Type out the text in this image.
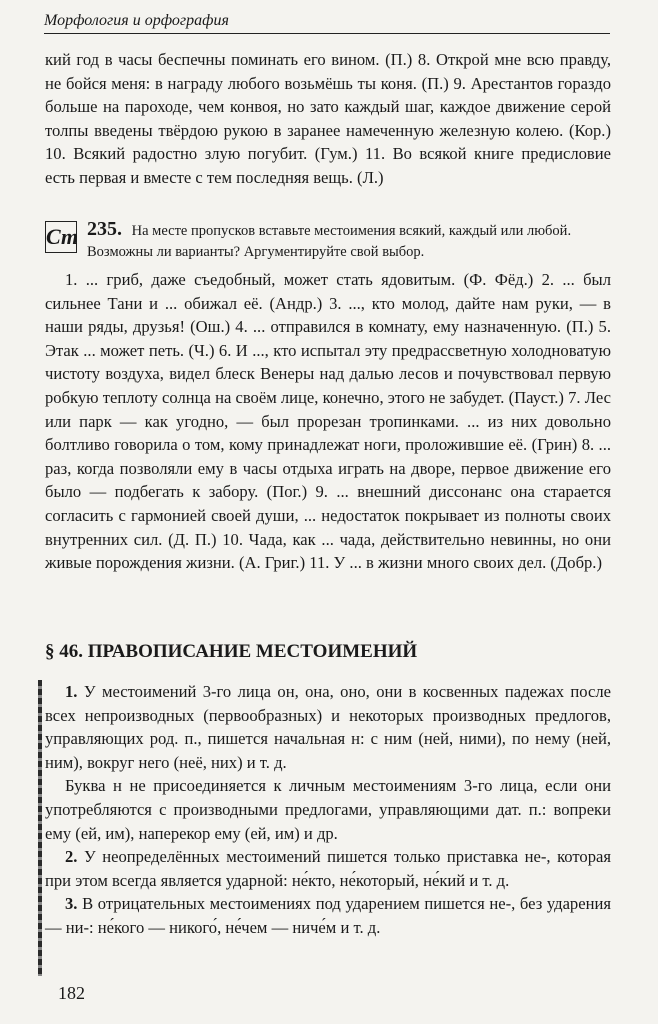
Морфология и орфография

кий год в часы беспечны поминать его вином. (П.) 8. Открой мне всю правду, не бойся меня: в награду любого возьмёшь ты коня. (П.) 9. Арестантов гораздо больше на пароходе, чем конвоя, но зато каждый шаг, каждое движение серой толпы введены твёрдою рукою в заранее намеченную железную колею. (Кор.) 10. Всякий радостно злую погубит. (Гум.) 11. Во всякой книге предисловие есть первая и вместе с тем последняя вещь. (Л.)

Ст 235. На месте пропусков вставьте местоимения всякий, каждый или любой. Возможны ли варианты? Аргументируйте свой выбор.

1. ... гриб, даже съедобный, может стать ядовитым. (Ф. Фёд.) 2. ... был сильнее Тани и ... обижал её. (Андр.) 3. ..., кто молод, дайте нам руки, — в наши ряды, друзья! (Ош.) 4. ... отправился в комнату, ему назначенную. (П.) 5. Этак ... может петь. (Ч.) 6. И ..., кто испытал эту предрассветную холодноватую чистоту воздуха, видел блеск Венеры над далью лесов и почувствовал первую робкую теплоту солнца на своём лице, конечно, этого не забудет. (Пауст.) 7. Лес или парк — как угодно, — был прорезан тропинками. ... из них довольно болтливо говорила о том, кому принадлежат ноги, проложившие её. (Грин) 8. ... раз, когда позволяли ему в часы отдыха играть на дворе, первое движение его было — подбегать к забору. (Пог.) 9. ... внешний диссонанс она старается согласить с гармонией своей души, ... недостаток покрывает из полноты своих внутренних сил. (Д. П.) 10. Чада, как ... чада, действительно невинны, но они живые порождения жизни. (А. Григ.) 11. У ... в жизни много своих дел. (Добр.)

§ 46. ПРАВОПИСАНИЕ МЕСТОИМЕНИЙ

1. У местоимений 3-го лица он, она, оно, они в косвенных падежах после всех непроизводных (первообразных) и некоторых производных предлогов, управляющих род. п., пишется начальная н: с ним (ней, ними), по нему (ней, ним), вокруг него (неё, них) и т. д.

Буква н не присоединяется к личным местоимениям 3-го лица, если они употребляются с производными предлогами, управляющими дат. п.: вопреки ему (ей, им), наперекор ему (ей, им) и др.

2. У неопределённых местоимений пишется только приставка не-, которая при этом всегда является ударной: не́кто, не́который, не́кий и т. д.

3. В отрицательных местоимениях под ударением пишется не-, без ударения — ни-: не́кого — никого́, не́чем — ниче́м и т. д.

182
